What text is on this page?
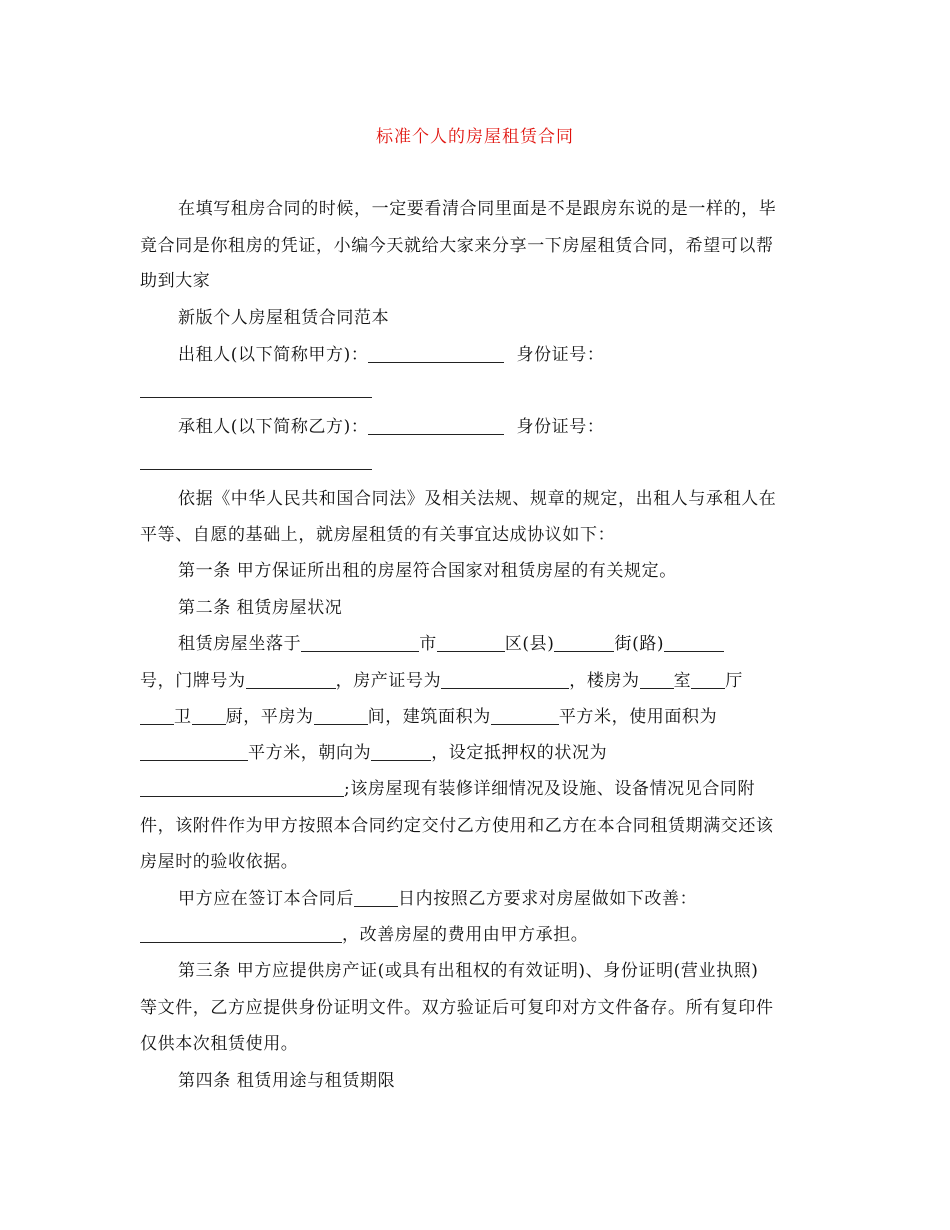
标准个人的房屋租赁合同
在填写租房合同的时候，一定要看清合同里面是不是跟房东说的是一样的，毕
竟合同是你租房的凭证，小编今天就给大家来分享一下房屋租赁合同，希望可以帮
助到大家
新版个人房屋租赁合同范本
出租人(以下简称甲方)：	身份证号：
承租人(以下简称乙方)：	身份证号：
依据《中华人民共和国合同法》及相关法规、规章的规定，出租人与承租人在
平等、自愿的基础上，就房屋租赁的有关事宜达成协议如下：
第一条 甲方保证所出租的房屋符合国家对租赁房屋的有关规定。
第二条 租赁房屋状况
租赁房屋坐落于	市	区(县)	街(路)
号，门牌号为	，房产证号为	，楼房为 室 厅
卫 厨，平房为	间，建筑面积为	平方米，使用面积为
平方米，朝向为	，设定抵押权的状况为
;该房屋现有装修详细情况及设施、设备情况见合同附
件，该附件作为甲方按照本合同约定交付乙方使用和乙方在本合同租赁期满交还该
房屋时的验收依据。
甲方应在签订本合同后	日内按照乙方要求对房屋做如下改善：
，改善房屋的费用由甲方承担。
第三条 甲方应提供房产证(或具有出租权的有效证明)、身份证明(营业执照)
等文件，乙方应提供身份证明文件。双方验证后可复印对方文件备存。所有复印件
仅供本次租赁使用。
第四条 租赁用途与租赁期限
